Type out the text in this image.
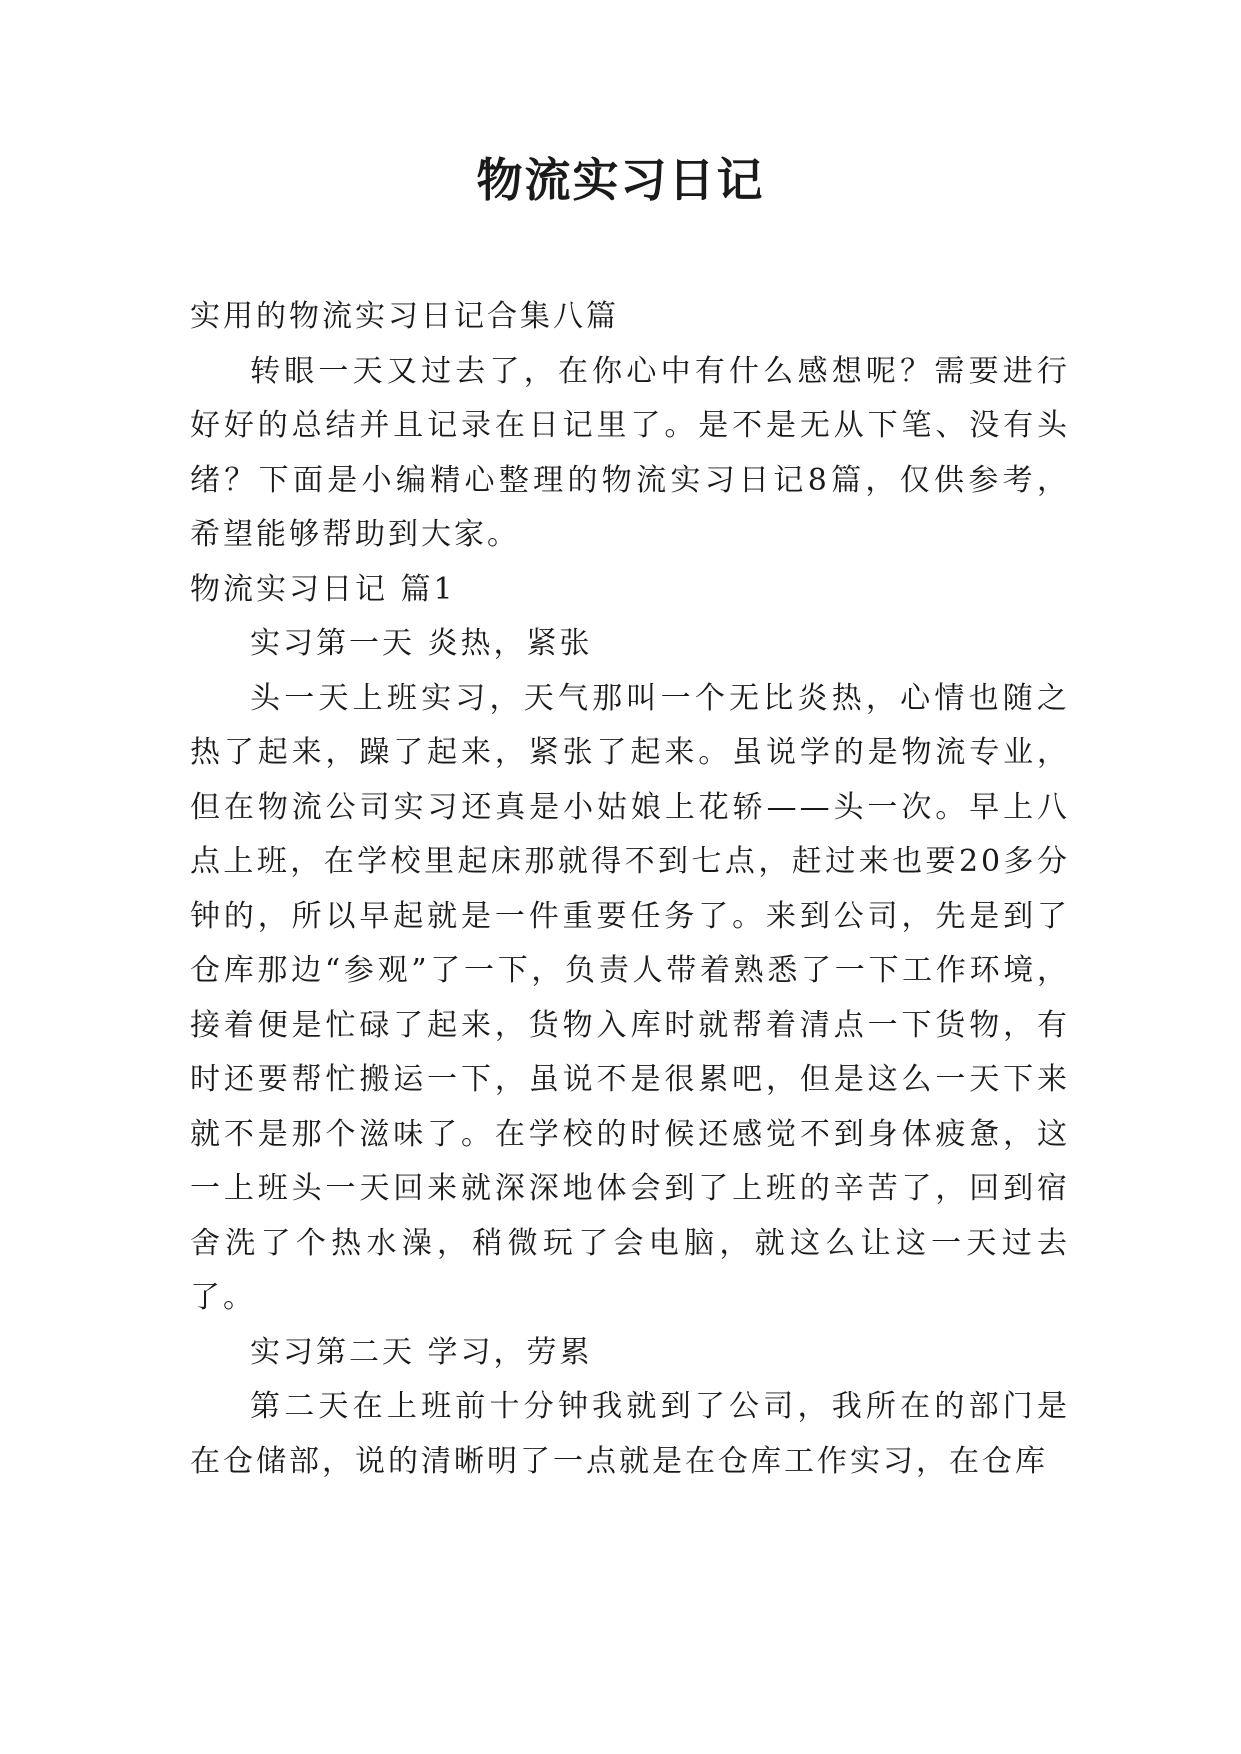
物流实习日记

实用的物流实习日记合集八篇

转眼一天又过去了，在你心中有什么感想呢？需要进行好好的总结并且记录在日记里了。是不是无从下笔、没有头绪？下面是小编精心整理的物流实习日记8篇，仅供参考，希望能够帮助到大家。

物流实习日记 篇1

实习第一天 炎热，紧张

头一天上班实习，天气那叫一个无比炎热，心情也随之热了起来，躁了起来，紧张了起来。虽说学的是物流专业，但在物流公司实习还真是小姑娘上花轿——头一次。早上八点上班，在学校里起床那就得不到七点，赶过来也要20多分钟的，所以早起就是一件重要任务了。来到公司，先是到了仓库那边“参观”了一下，负责人带着熟悉了一下工作环境，接着便是忙碌了起来，货物入库时就帮着清点一下货物，有时还要帮忙搬运一下，虽说不是很累吧，但是这么一天下来就不是那个滋味了。在学校的时候还感觉不到身体疲惫，这一上班头一天回来就深深地体会到了上班的辛苦了，回到宿舍洗了个热水澡，稍微玩了会电脑，就这么让这一天过去了。

实习第二天 学习，劳累

第二天在上班前十分钟我就到了公司，我所在的部门是在仓储部，说的清晰明了一点就是在仓库工作实习，在仓库
